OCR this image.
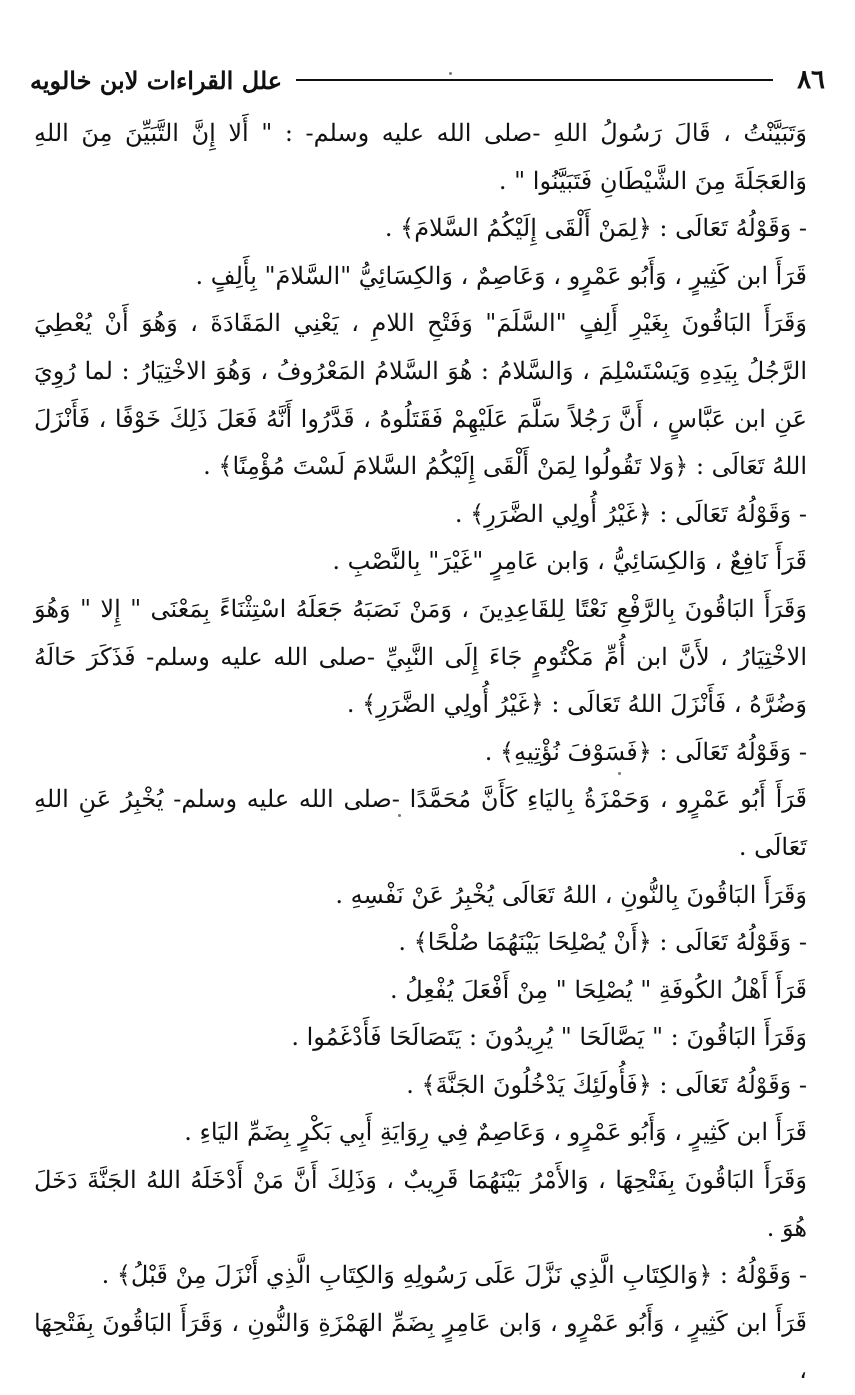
٨٦
علل القراءات لابن خالويه

وَتَبَيَّنْتُ ، قَالَ رَسُولُ اللهِ -صلى الله عليه وسلم- : " أَلا إِنَّ التَّبَيِّنَ مِنَ اللهِ وَالعَجَلَةَ مِنَ الشَّيْطَانِ فَتَبَيَّنُوا " .

- وَقَوْلُهُ تَعَالَى : ﴿لِمَنْ أَلْقَى إِلَيْكُمُ السَّلامَ﴾ .

قَرَأَ ابن كَثِيرٍ ، وَأَبُو عَمْرٍو ، وَعَاصِمٌ ، وَالكِسَائِيُّ "السَّلامَ" بِأَلِفٍ .

وَقَرَأَ البَاقُونَ بِغَيْرِ أَلِفٍ "السَّلَمَ" وَفَتْحِ اللامِ ، يَعْنِي المَقَادَةَ ، وَهُوَ أَنْ يُعْطِيَ الرَّجُلُ بِيَدِهِ وَيَسْتَسْلِمَ ، وَالسَّلامُ : هُوَ السَّلامُ المَعْرُوفُ ، وَهُوَ الاخْتِيَارُ : لما رُوِيَ عَنِ ابن عَبَّاسٍ ، أَنَّ رَجُلاً سَلَّمَ عَلَيْهِمْ فَقَتَلُوهُ ، قَدَّرُوا أَنَّهُ فَعَلَ ذَلِكَ خَوْفًا ، فَأَنْزَلَ اللهُ تَعَالَى : ﴿وَلا تَقُولُوا لِمَنْ أَلْقَى إِلَيْكُمُ السَّلامَ لَسْتَ مُؤْمِنًا﴾ .

- وَقَوْلُهُ تَعَالَى : ﴿غَيْرُ أُولِي الضَّرَرِ﴾ .

قَرَأَ نَافِعٌ ، وَالكِسَائِيُّ ، وَابن عَامِرٍ "غَيْرَ" بِالنَّصْبِ .

وَقَرَأَ البَاقُونَ بِالرَّفْعِ نَعْتًا لِلقَاعِدِينَ ، وَمَنْ نَصَبَهُ جَعَلَهُ اسْتِثْنَاءً بِمَعْنَى " إِلا " وَهُوَ الاخْتِيَارُ ، لأَنَّ ابن أُمِّ مَكْتُومٍ جَاءَ إِلَى النَّبِيِّ -صلى الله عليه وسلم- فَذَكَرَ حَالَهُ وَضُرَّهُ ، فَأَنْزَلَ اللهُ تَعَالَى : ﴿غَيْرُ أُولِي الضَّرَرِ﴾ .

- وَقَوْلُهُ تَعَالَى : ﴿فَسَوْفَ نُؤْتِيهِ﴾ .

قَرَأَ أَبُو عَمْرٍو ، وَحَمْزَةُ بِاليَاءِ كَأَنَّ مُحَمَّدًا -صلى الله عليه وسلم- يُخْبِرُ عَنِ اللهِ تَعَالَى .

وَقَرَأَ البَاقُونَ بِالنُّونِ ، اللهُ تَعَالَى يُخْبِرُ عَنْ نَفْسِهِ .

- وَقَوْلُهُ تَعَالَى : ﴿أَنْ يُصْلِحَا بَيْنَهُمَا صُلْحًا﴾ .

قَرَأَ أَهْلُ الكُوفَةِ " يُصْلِحَا " مِنْ أَفْعَلَ يُفْعِلُ .

وَقَرَأَ البَاقُونَ : " يَصَّالَحَا " يُرِيدُونَ : يَتَصَالَحَا فَأَدْغَمُوا .

- وَقَوْلُهُ تَعَالَى : ﴿فَأُولَئِكَ يَدْخُلُونَ الجَنَّةَ﴾ .

قَرَأَ ابن كَثِيرٍ ، وَأَبُو عَمْرٍو ، وَعَاصِمٌ فِي رِوَايَةِ أَبِي بَكْرٍ بِضَمِّ اليَاءِ .

وَقَرَأَ البَاقُونَ بِفَتْحِهَا ، وَالأَمْرُ بَيْنَهُمَا قَرِيبٌ ، وَذَلِكَ أَنَّ مَنْ أَدْخَلَهُ اللهُ الجَنَّةَ دَخَلَ هُوَ .

- وَقَوْلُهُ : ﴿وَالكِتَابِ الَّذِي نَزَّلَ عَلَى رَسُولِهِ وَالكِتَابِ الَّذِي أَنْزَلَ مِنْ قَبْلُ﴾ .

قَرَأَ ابن كَثِيرٍ ، وَأَبُو عَمْرٍو ، وَابن عَامِرٍ بِضَمِّ الهَمْزَةِ وَالنُّونِ ، وَقَرَأَ البَاقُونَ بِفَتْحِهَا ،
